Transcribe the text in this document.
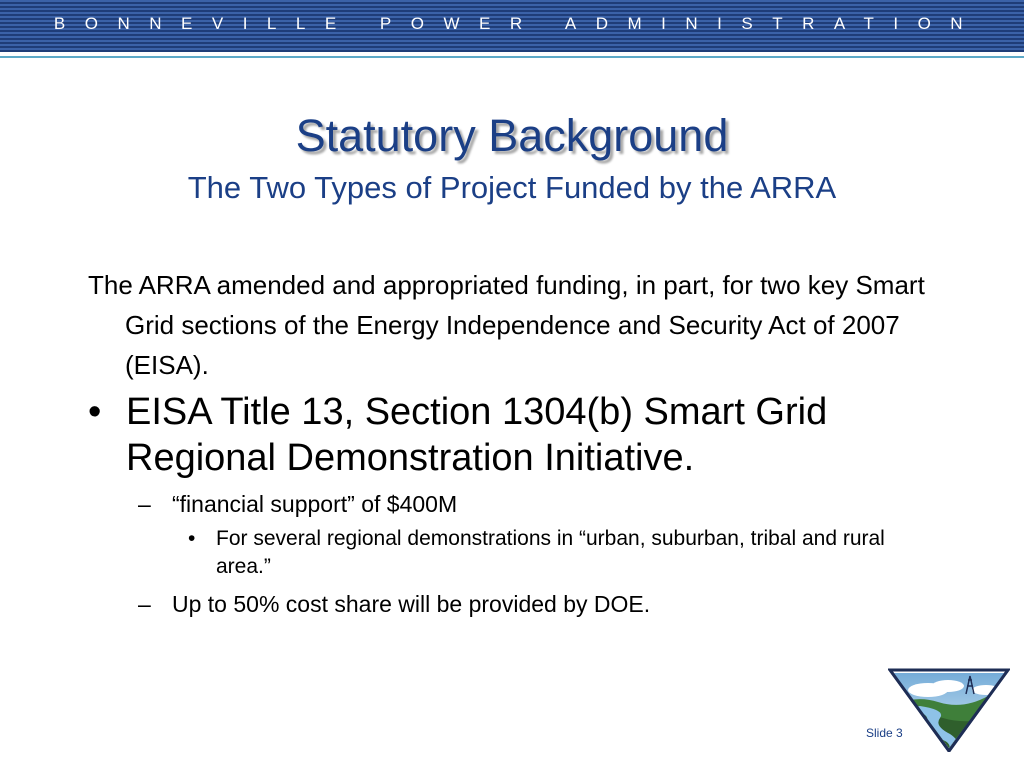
BONNEVILLE POWER ADMINISTRATION
Statutory Background
The Two Types of Project Funded by the ARRA

The ARRA amended and appropriated funding, in part, for two key Smart Grid sections of the Energy Independence and Security Act of 2007 (EISA).

• EISA Title 13, Section 1304(b) Smart Grid Regional Demonstration Initiative.
– “financial support” of $400M
• For several regional demonstrations in “urban, suburban, tribal and rural area.”
– Up to 50% cost share will be provided by DOE.
Slide 3
